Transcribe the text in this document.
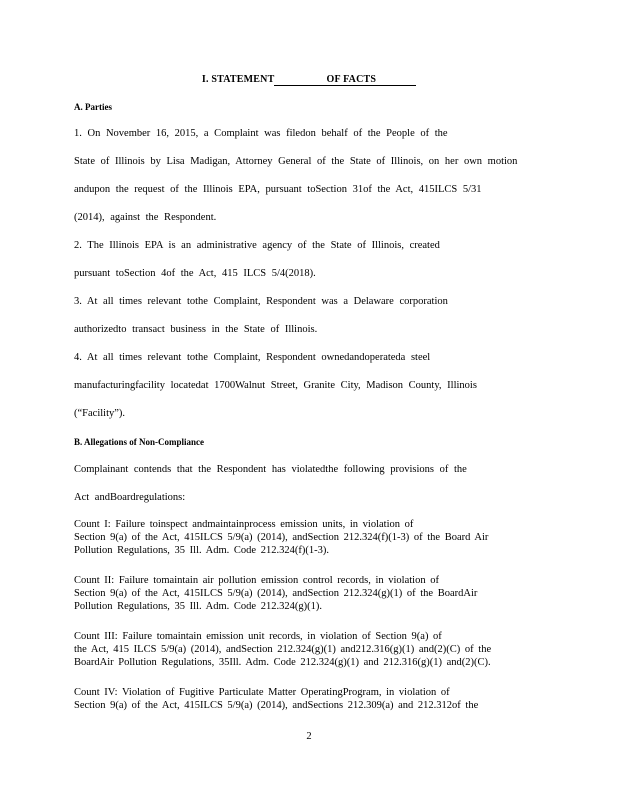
I. STATEMENT	OF FACTS
A. Parties
1. On November 16, 2015, a Complaint was filedon behalf of the People of the
State of Illinois by Lisa Madigan, Attorney General of the State of Illinois, on her own motion
andupon the request of the Illinois EPA, pursuant toSection 31of the Act, 415ILCS 5/31
(2014), against the Respondent.
2. The Illinois EPA is an administrative agency of the State of Illinois, created
pursuant toSection 4of the Act, 415 ILCS 5/4(2018).
3. At all times relevant tothe Complaint, Respondent was a Delaware corporation
authorizedto transact business in the State of Illinois.
4. At all times relevant tothe Complaint, Respondent ownedandoperateda steel
manufacturingfacility locatedat 1700Walnut Street, Granite City, Madison County, Illinois
(“Facility”).
B. Allegations of Non-Compliance
Complainant contends that the Respondent has violatedthe following provisions of the
Act andBoardregulations:
Count I: Failure toinspect andmaintainprocess emission units, in violation of
Section 9(a) of the Act, 415ILCS 5/9(a) (2014), andSection 212.324(f)(1-3) of the Board Air
Pollution Regulations, 35 Ill. Adm. Code 212.324(f)(1-3).
Count II: Failure tomaintain air pollution emission control records, in violation of
Section 9(a) of the Act, 415ILCS 5/9(a) (2014), andSection 212.324(g)(1) of the BoardAir
Pollution Regulations, 35 Ill. Adm. Code 212.324(g)(1).
Count III: Failure tomaintain emission unit records, in violation of Section 9(a) of
the Act, 415 ILCS 5/9(a) (2014), andSection 212.324(g)(1) and212.316(g)(1) and(2)(C) of the
BoardAir Pollution Regulations, 35Ill. Adm. Code 212.324(g)(1) and 212.316(g)(1) and(2)(C).
Count IV: Violation of Fugitive Particulate Matter OperatingProgram, in violation of
Section 9(a) of the Act, 415ILCS 5/9(a) (2014), andSections 212.309(a) and 212.312of the
2
